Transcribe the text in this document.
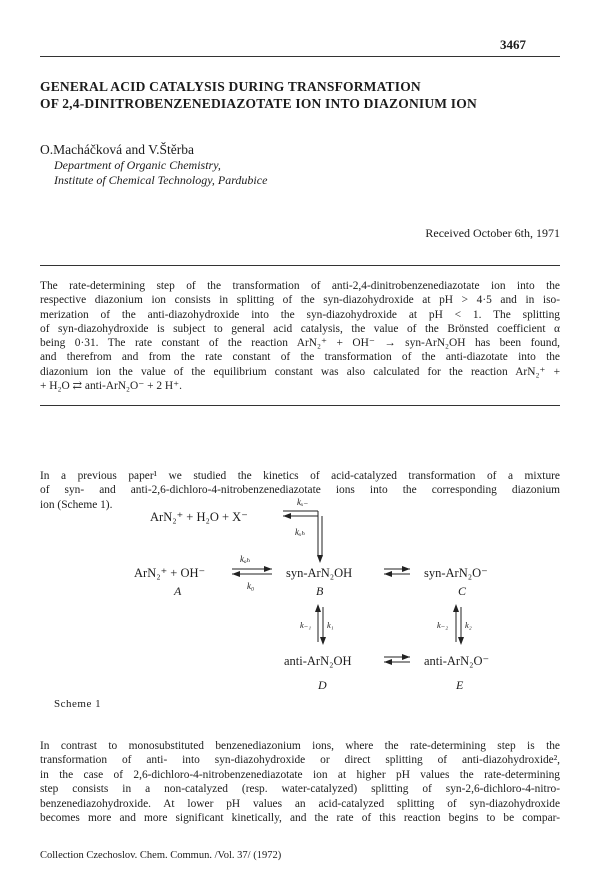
3467
GENERAL ACID CATALYSIS DURING TRANSFORMATION
OF 2,4-DINITROBENZENEDIAZOTATE ION INTO DIAZONIUM ION
O.Macháčková and V.Štěrba
Department of Organic Chemistry,
Institute of Chemical Technology, Pardubice
Received October 6th, 1971
The rate-determining step of the transformation of anti-2,4-dinitrobenzenediazotate ion into the
respective diazonium ion consists in splitting of the syn-diazohydroxide at pH > 4·5 and in iso-
merization of the anti-diazohydroxide into the syn-diazohydroxide at pH < 1. The splitting
of syn-diazohydroxide is subject to general acid catalysis, the value of the Brönsted coefficient α
being 0·31. The rate constant of the reaction ArN₂⁺ + OH⁻ → syn-ArN₂OH has been found,
and therefrom and from the rate constant of the transformation of the anti-diazotate into the
diazonium ion the value of the equilibrium constant was also calculated for the reaction ArN₂⁺ +
+ H₂O ⇄ anti-ArN₂O⁻ + 2 H⁺.
In a previous paper¹ we studied the kinetics of acid-catalyzed transformation of a mixture
of syn- and anti-2,6-dichloro-4-nitrobenzenediazotate ions into the corresponding diazonium
ion (Scheme 1).
ArN₂⁺ + H₂O + X⁻
kₓ₋
kₓₕ
ArN₂⁺ + OH⁻
kₒₕ
k₀
syn-ArN₂OH	syn-ArN₂O⁻
A	B	C
k₋₁ k₁	k₋₂ k₂
anti-ArN₂OH	anti-ArN₂O⁻
D	E
Scheme 1
In contrast to monosubstituted benzenediazonium ions, where the rate-determining step is the
transformation of anti- into syn-diazohydroxide or direct splitting of anti-diazohydroxide²,
in the case of 2,6-dichloro-4-nitrobenzenediazotate ion at higher pH values the rate-determining
step consists in a non-catalyzed (resp. water-catalyzed) splitting of syn-2,6-dichloro-4-nitro-
benzenediazohydroxide. At lower pH values an acid-catalyzed splitting of syn-diazohydroxide
becomes more and more significant kinetically, and the rate of this reaction begins to be compar-
Collection Czechoslov. Chem. Commun. /Vol. 37/ (1972)
